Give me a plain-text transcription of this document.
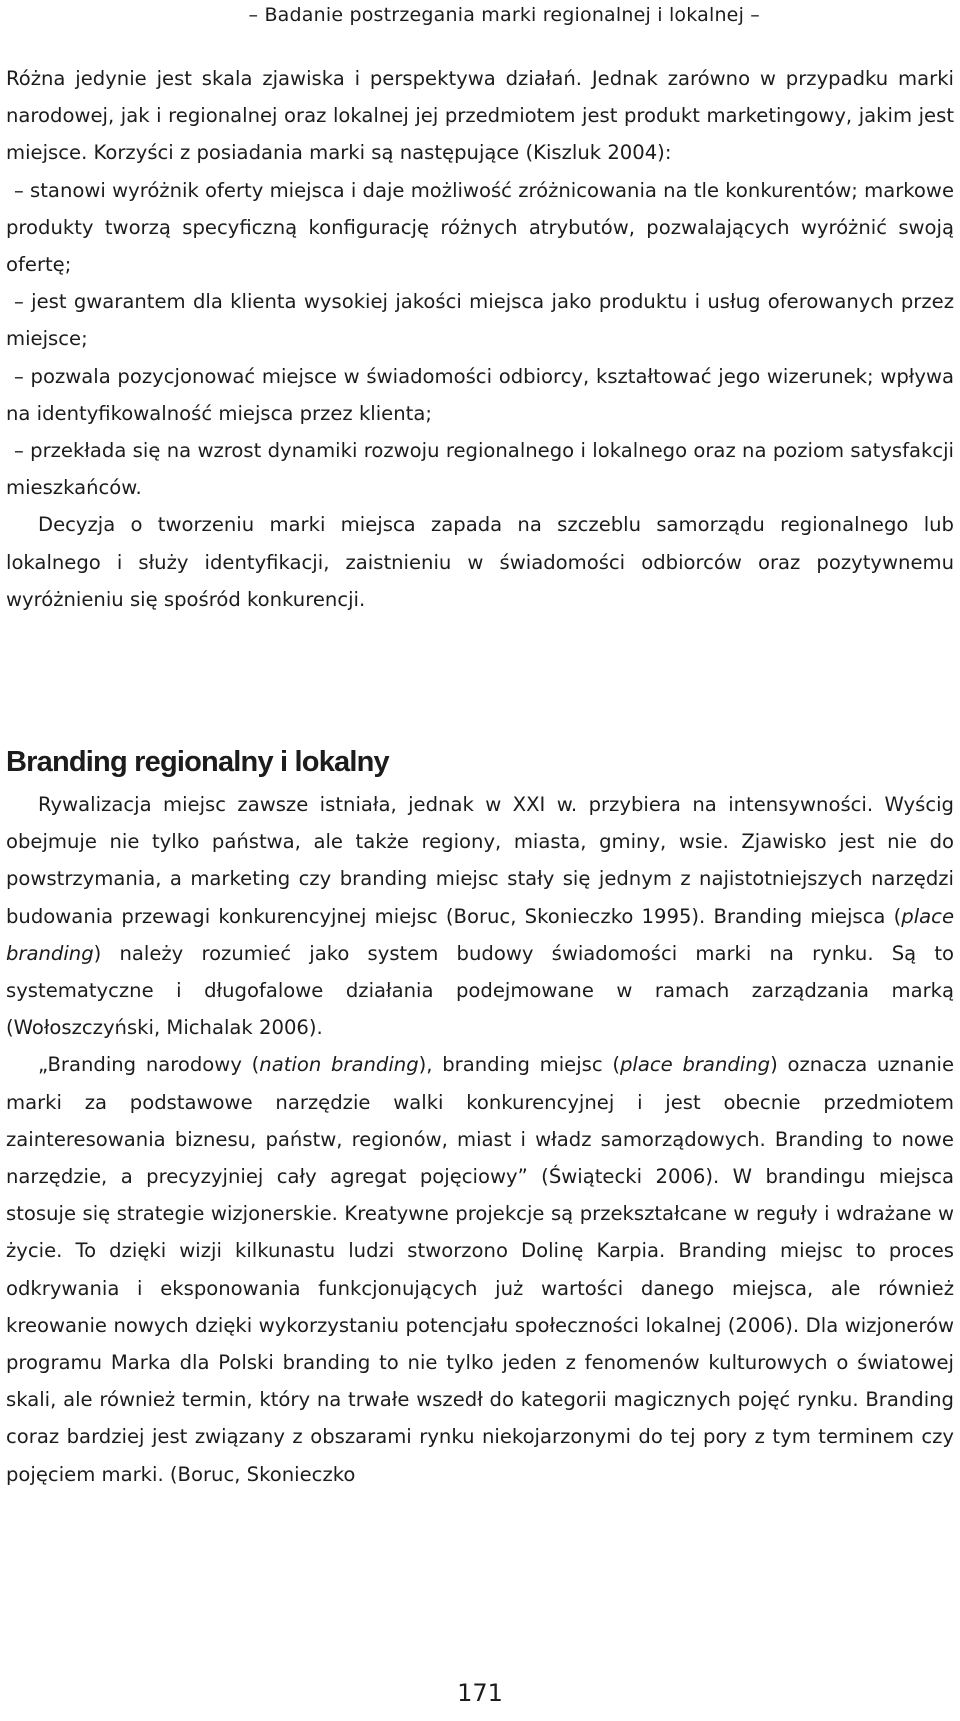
– Badanie postrzegania marki regionalnej i lokalnej –

Różna jedynie jest skala zjawiska i perspektywa działań. Jednak zarówno w przypadku marki narodowej, jak i regionalnej oraz lokalnej jej przedmiotem jest produkt marketingowy, jakim jest miejsce. Korzyści z posiadania marki są następujące (Kiszluk 2004):

– stanowi wyróżnik oferty miejsca i daje możliwość zróżnicowania na tle konkurentów; markowe produkty tworzą specyficzną konfigurację różnych atrybutów, pozwalających wyróżnić swoją ofertę;

– jest gwarantem dla klienta wysokiej jakości miejsca jako produktu i usług oferowanych przez miejsce;

– pozwala pozycjonować miejsce w świadomości odbiorcy, kształtować jego wizerunek; wpływa na identyfikowalność miejsca przez klienta;

– przekłada się na wzrost dynamiki rozwoju regionalnego i lokalnego oraz na poziom satysfakcji mieszkańców.

Decyzja o tworzeniu marki miejsca zapada na szczeblu samorządu regionalnego lub lokalnego i służy identyfikacji, zaistnieniu w świadomości odbiorców oraz pozytywnemu wyróżnieniu się spośród konkurencji.

Branding regionalny i lokalny

Rywalizacja miejsc zawsze istniała, jednak w XXI w. przybiera na intensywności. Wyścig obejmuje nie tylko państwa, ale także regiony, miasta, gminy, wsie. Zjawisko jest nie do powstrzymania, a marketing czy branding miejsc stały się jednym z najistotniejszych narzędzi budowania przewagi konkurencyjnej miejsc (Boruc, Skonieczko 1995). Branding miejsca (place branding) należy rozumieć jako system budowy świadomości marki na rynku. Są to systematyczne i długofalowe działania podejmowane w ramach zarządzania marką (Wołoszczyński, Michalak 2006).

„Branding narodowy (nation branding), branding miejsc (place branding) oznacza uznanie marki za podstawowe narzędzie walki konkurencyjnej i jest obecnie przedmiotem zainteresowania biznesu, państw, regionów, miast i władz samorządowych. Branding to nowe narzędzie, a precyzyjniej cały agregat pojęciowy” (Świątecki 2006). W brandingu miejsca stosuje się strategie wizjonerskie. Kreatywne projekcje są przekształcane w reguły i wdrażane w życie. To dzięki wizji kilkunastu ludzi stworzono Dolinę Karpia. Branding miejsc to proces odkrywania i eksponowania funkcjonujących już wartości danego miejsca, ale również kreowanie nowych dzięki wykorzystaniu potencjału społeczności lokalnej (2006). Dla wizjonerów programu Marka dla Polski branding to nie tylko jeden z fenomenów kulturowych o światowej skali, ale również termin, który na trwałe wszedł do kategorii magicznych pojęć rynku. Branding coraz bardziej jest związany z obszarami rynku niekojarzonymi do tej pory z tym terminem czy pojęciem marki. (Boruc, Skonieczko

171
